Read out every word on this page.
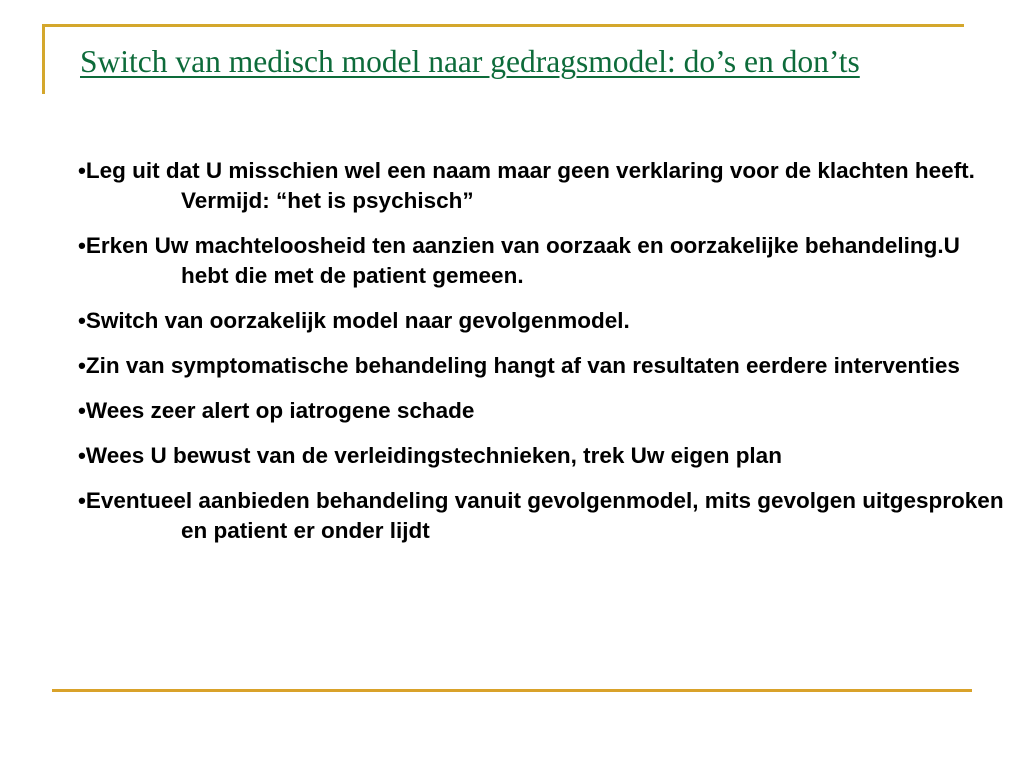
Switch van medisch model naar gedragsmodel: do’s en don’ts
•Leg uit dat U misschien wel een naam maar geen verklaring voor de klachten heeft. Vermijd: “het is psychisch”
•Erken Uw machteloosheid ten aanzien van oorzaak en oorzakelijke behandeling.U hebt die met de patient gemeen.
•Switch van oorzakelijk model naar gevolgenmodel.
•Zin van symptomatische behandeling hangt af van resultaten eerdere interventies
•Wees zeer alert op iatrogene schade
•Wees U bewust van de verleidingstechnieken, trek Uw eigen plan
•Eventueel aanbieden behandeling vanuit gevolgenmodel, mits gevolgen uitgesproken en patient er onder lijdt
